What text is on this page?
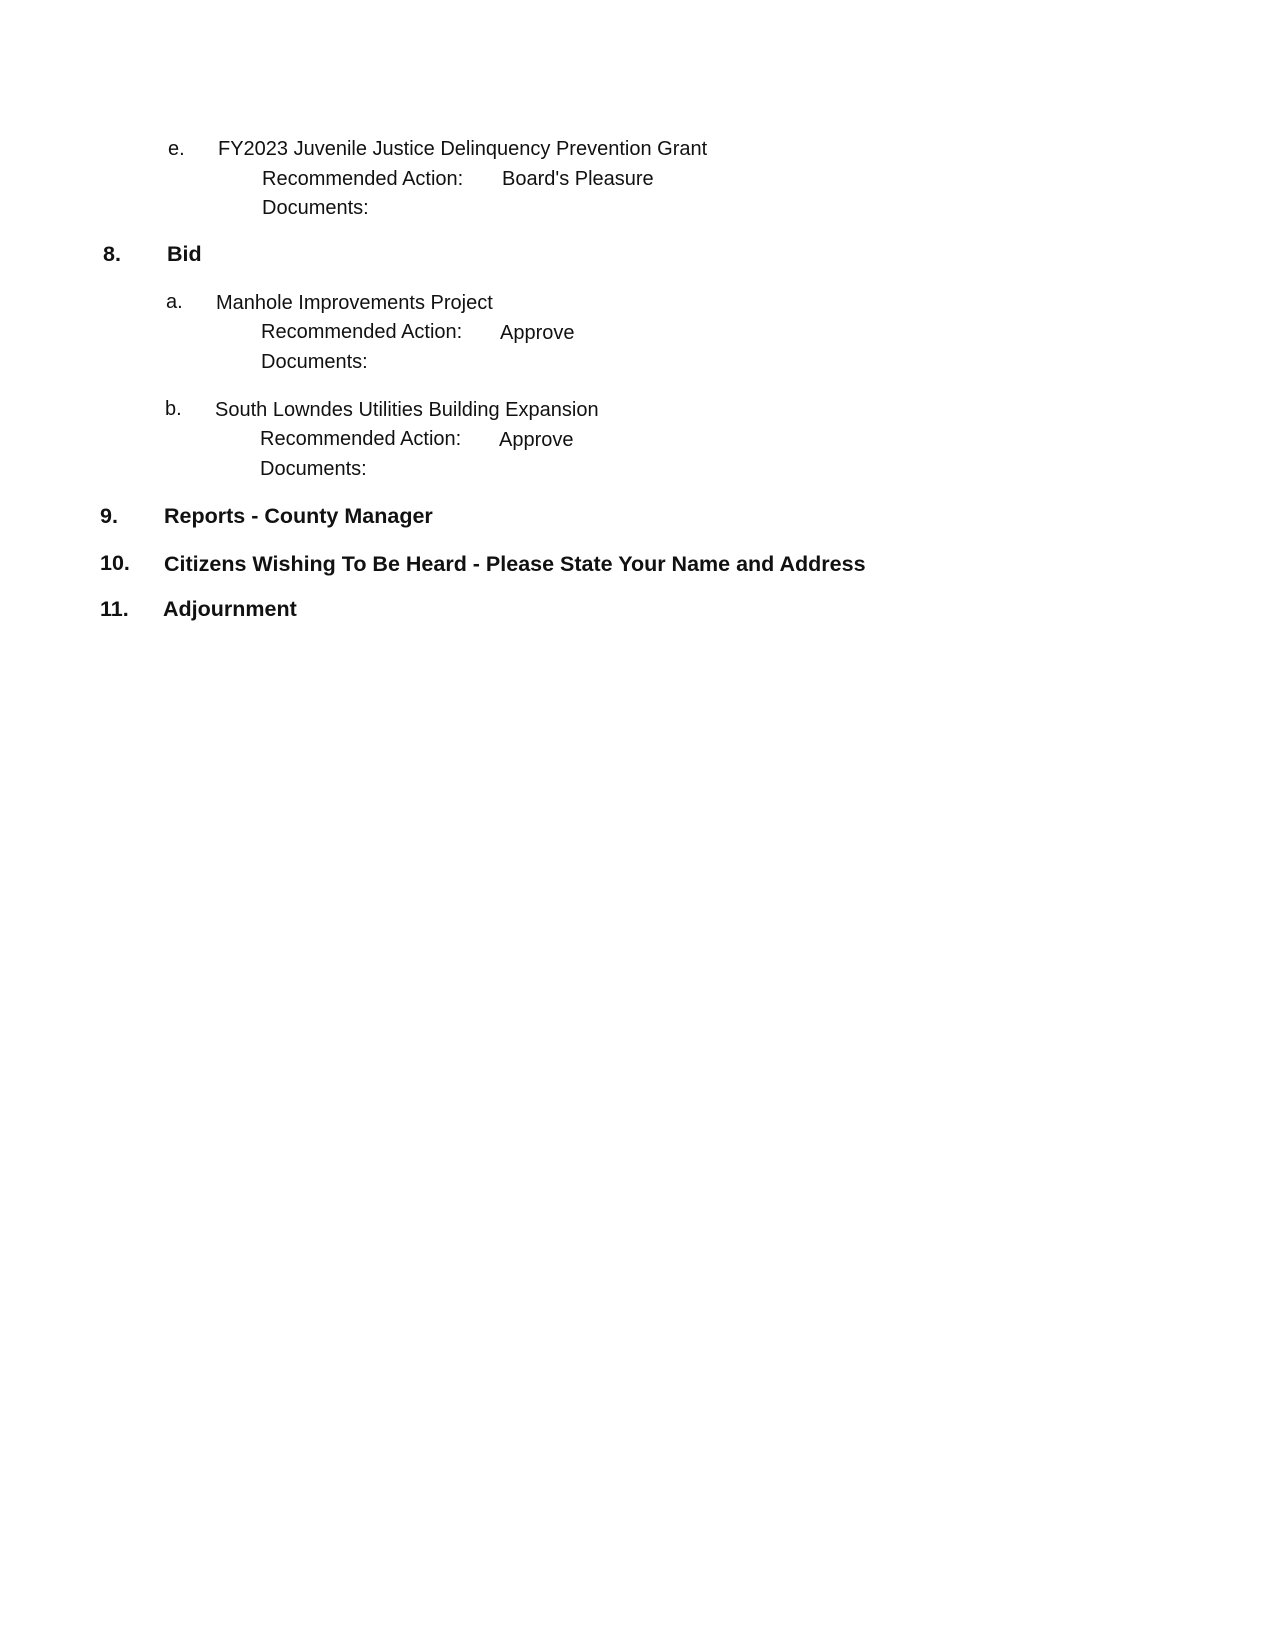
e. FY2023 Juvenile Justice Delinquency Prevention Grant
Recommended Action: Board's Pleasure
Documents:
8. Bid
a. Manhole Improvements Project
Recommended Action: Approve
Documents:
b. South Lowndes Utilities Building Expansion
Recommended Action: Approve
Documents:
9. Reports - County Manager
10. Citizens Wishing To Be Heard - Please State Your Name and Address
11. Adjournment
